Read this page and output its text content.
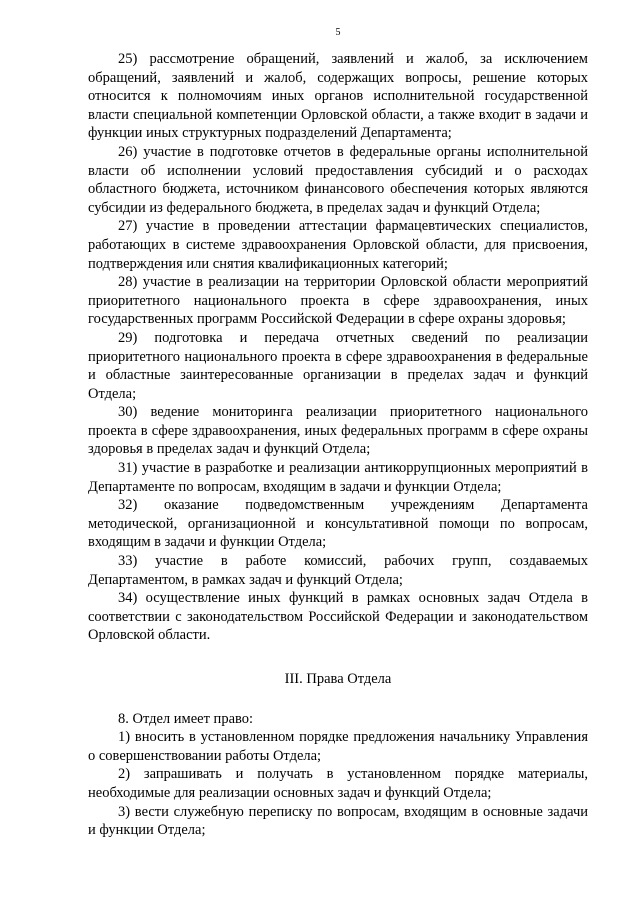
5

25) рассмотрение обращений, заявлений и жалоб, за исключением обращений, заявлений и жалоб, содержащих вопросы, решение которых относится к полномочиям иных органов исполнительной государственной власти специальной компетенции Орловской области, а также входит в задачи и функции иных структурных подразделений Департамента;

26) участие в подготовке отчетов в федеральные органы исполнительной власти об исполнении условий предоставления субсидий и о расходах областного бюджета, источником финансового обеспечения которых являются субсидии из федерального бюджета, в пределах задач и функций Отдела;

27) участие в проведении аттестации фармацевтических специалистов, работающих в системе здравоохранения Орловской области, для присвоения, подтверждения или снятия квалификационных категорий;

28) участие в реализации на территории Орловской области мероприятий приоритетного национального проекта в сфере здравоохранения, иных государственных программ Российской Федерации в сфере охраны здоровья;

29) подготовка и передача отчетных сведений по реализации приоритетного национального проекта в сфере здравоохранения в федеральные и областные заинтересованные организации в пределах задач и функций Отдела;

30) ведение мониторинга реализации приоритетного национального проекта в сфере здравоохранения, иных федеральных программ в сфере охраны здоровья в пределах задач и функций Отдела;

31) участие в разработке и реализации антикоррупционных мероприятий в Департаменте по вопросам, входящим в задачи и функции Отдела;

32) оказание подведомственным учреждениям Департамента методической, организационной и консультативной помощи по вопросам, входящим в задачи и функции Отдела;

33) участие в работе комиссий, рабочих групп, создаваемых Департаментом, в рамках задач и функций Отдела;

34) осуществление иных функций в рамках основных задач Отдела в соответствии с законодательством Российской Федерации и законодательством Орловской области.

III. Права Отдела

8. Отдел имеет право:

1) вносить в установленном порядке предложения начальнику Управления о совершенствовании работы Отдела;

2) запрашивать и получать в установленном порядке материалы, необходимые для реализации основных задач и функций Отдела;

3) вести служебную переписку по вопросам, входящим в основные задачи и функции Отдела;
